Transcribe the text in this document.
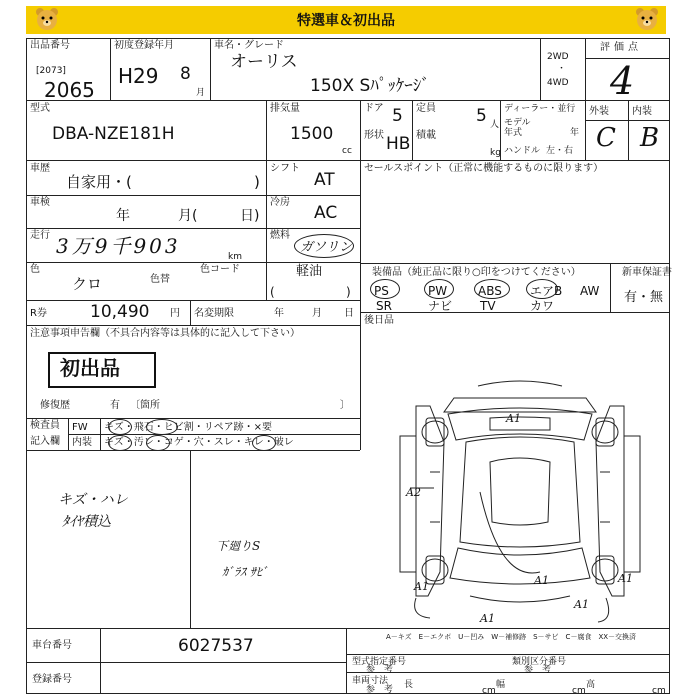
特選車＆初出品
出品番号
[2073]
2065
初度登録年月
H29 8
月
車名・グレード
オーリス
150X Sﾊﾟｯｹｰｼﾞ
2WD
・
4WD
評価点
4
型式
DBA-NZE181H
排気量
1500
cc
ドア 5
形状 HB
定員 5 人
積載
kg
ディーラー・並行
モデル
年式	年
ハンドル 左・右
外装 内装
C B
車歴
自家用・(	)
シフト
AT
セールスポイント（正常に機能するものに限ります）
車検
年	月(	日)
冷房
AC
走行 3万9千903	km
燃料
ガソリン
軽油
(	)
色
クロ	色替
色コード
R券	10,490 円 名変期限	年	月 日
装備品（純正品に限り○印をつけてください）	新車保証書
有・無
PS	PW	ABS エアB AW
SR	ナビ TV	カワ
後日品
注意事項申告欄（不具合内容等は具体的に記入して下さい）
初出品
修復歴	有 〔箇所	〕
検査員
記入欄
FW キズ・飛石・ヒビ割・リペア跡・×要
内装 キズ・汚レ・コゲ・穴・スレ・キレ・破レ
キズ・ハレ
ﾀｲﾔ積込
下廻りS
ｶﾞﾗｽ ｻﾋﾞ
A1
A2
A1
A1
A1
A1
A1
A－キズ　E－エクボ　U－凹み　W－補修跡　S－サビ　C－腐食　XX－交換済
車台番号	6027537
登録番号
型式指定番号
参　考
類別区分番号
参　考
車両寸法
参　考 長
cm
幅
cm
高
cm
